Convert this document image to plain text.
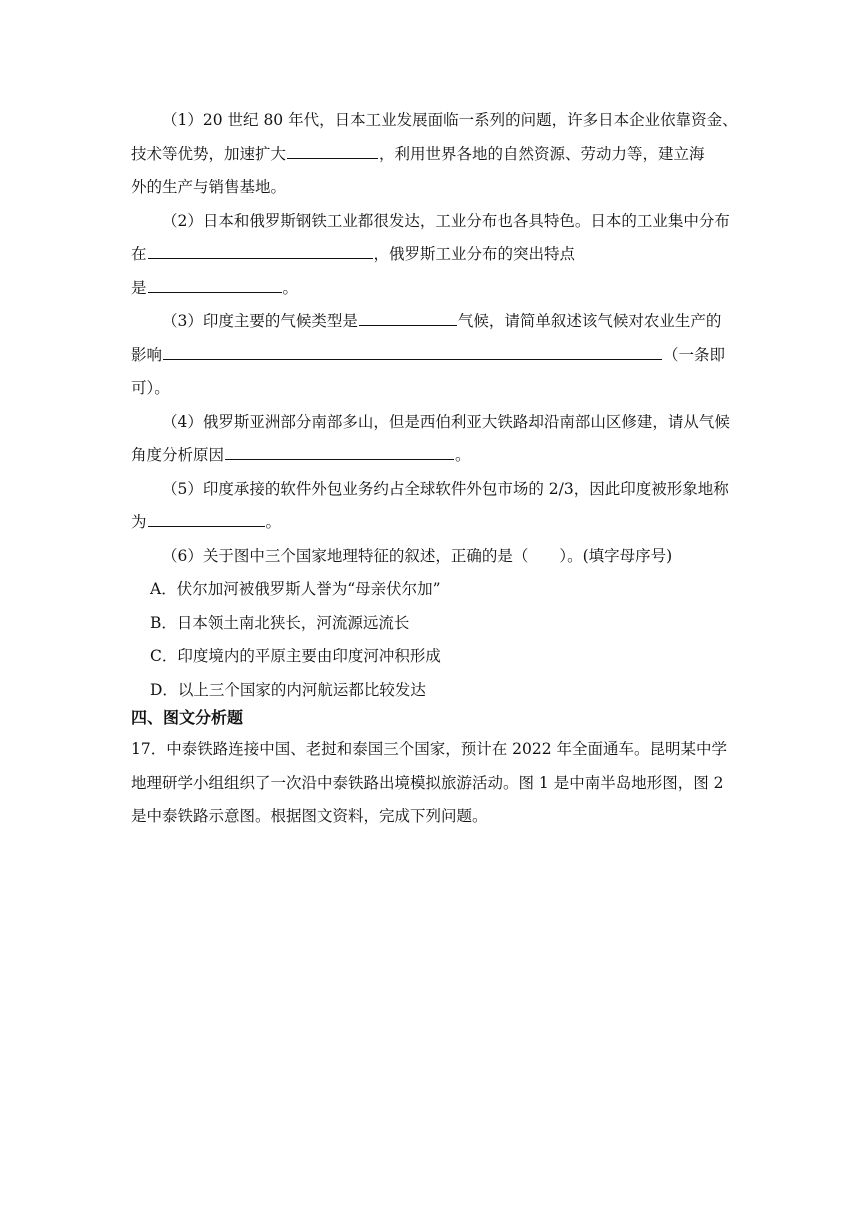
（1）20 世纪 80 年代，日本工业发展面临一系列的问题，许多日本企业依靠资金、
技术等优势，加速扩大	，利用世界各地的自然资源、劳动力等，建立海
外的生产与销售基地。
（2）日本和俄罗斯钢铁工业都很发达，工业分布也各具特色。日本的工业集中分布
在	，俄罗斯工业分布的突出特点
是	。
（3）印度主要的气候类型是	气候，请简单叙述该气候对农业生产的
影响	（一条即
可）。
（4）俄罗斯亚洲部分南部多山，但是西伯利亚大铁路却沿南部山区修建，请从气候
角度分析原因	。
（5）印度承接的软件外包业务约占全球软件外包市场的 2/3，因此印度被形象地称
为	。
（6）关于图中三个国家地理特征的叙述，正确的是（　　）。(填字母序号)
A．伏尔加河被俄罗斯人誉为“母亲伏尔加”
B．日本领土南北狭长，河流源远流长
C．印度境内的平原主要由印度河冲积形成
D．以上三个国家的内河航运都比较发达
四、图文分析题
17．中泰铁路连接中国、老挝和泰国三个国家，预计在 2022 年全面通车。昆明某中学
地理研学小组组织了一次沿中泰铁路出境模拟旅游活动。图 1 是中南半岛地形图，图 2
是中泰铁路示意图。根据图文资料，完成下列问题。
